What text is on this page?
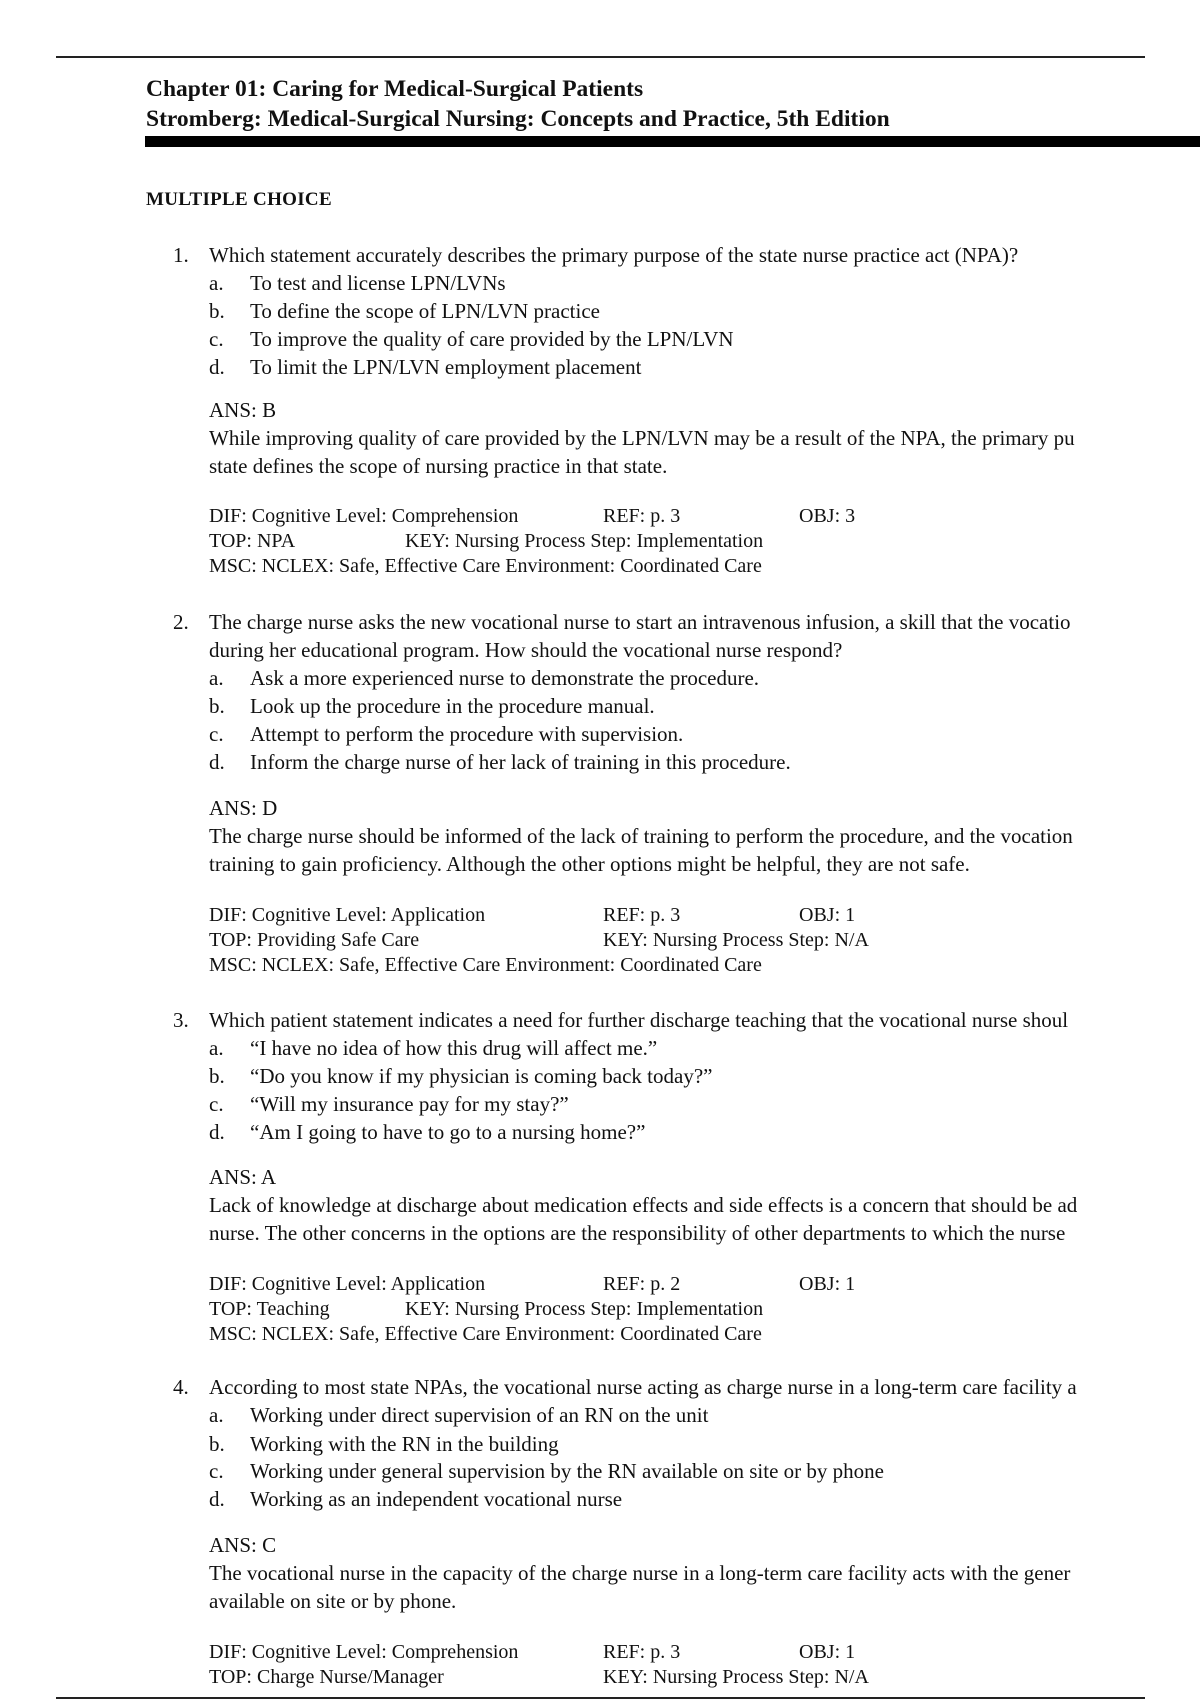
Chapter 01: Caring for Medical-Surgical Patients
Stromberg: Medical-Surgical Nursing: Concepts and Practice, 5th Edition
MULTIPLE CHOICE
1. Which statement accurately describes the primary purpose of the state nurse practice act (NPA)?
a. To test and license LPN/LVNs
b. To define the scope of LPN/LVN practice
c. To improve the quality of care provided by the LPN/LVN
d. To limit the LPN/LVN employment placement
ANS: B
While improving quality of care provided by the LPN/LVN may be a result of the NPA, the primary pu
state defines the scope of nursing practice in that state.
DIF: Cognitive Level: Comprehension	REF: p. 3	OBJ: 3
TOP: NPA	KEY: Nursing Process Step: Implementation
MSC: NCLEX: Safe, Effective Care Environment: Coordinated Care
2. The charge nurse asks the new vocational nurse to start an intravenous infusion, a skill that the vocatio
during her educational program. How should the vocational nurse respond?
a. Ask a more experienced nurse to demonstrate the procedure.
b. Look up the procedure in the procedure manual.
c. Attempt to perform the procedure with supervision.
d. Inform the charge nurse of her lack of training in this procedure.
ANS: D
The charge nurse should be informed of the lack of training to perform the procedure, and the vocation
training to gain proficiency. Although the other options might be helpful, they are not safe.
DIF: Cognitive Level: Application	REF: p. 3	OBJ: 1
TOP: Providing Safe Care	KEY: Nursing Process Step: N/A
MSC: NCLEX: Safe, Effective Care Environment: Coordinated Care
3. Which patient statement indicates a need for further discharge teaching that the vocational nurse shoul
a. “I have no idea of how this drug will affect me.”
b. “Do you know if my physician is coming back today?”
c. “Will my insurance pay for my stay?”
d. “Am I going to have to go to a nursing home?”
ANS: A
Lack of knowledge at discharge about medication effects and side effects is a concern that should be ad
nurse. The other concerns in the options are the responsibility of other departments to which the nurse
DIF: Cognitive Level: Application	REF: p. 2	OBJ: 1
TOP: Teaching	KEY: Nursing Process Step: Implementation
MSC: NCLEX: Safe, Effective Care Environment: Coordinated Care
4. According to most state NPAs, the vocational nurse acting as charge nurse in a long-term care facility a
a. Working under direct supervision of an RN on the unit
b. Working with the RN in the building
c. Working under general supervision by the RN available on site or by phone
d. Working as an independent vocational nurse
ANS: C
The vocational nurse in the capacity of the charge nurse in a long-term care facility acts with the gener
available on site or by phone.
DIF: Cognitive Level: Comprehension	REF: p. 3	OBJ: 1
TOP: Charge Nurse/Manager	KEY: Nursing Process Step: N/A
